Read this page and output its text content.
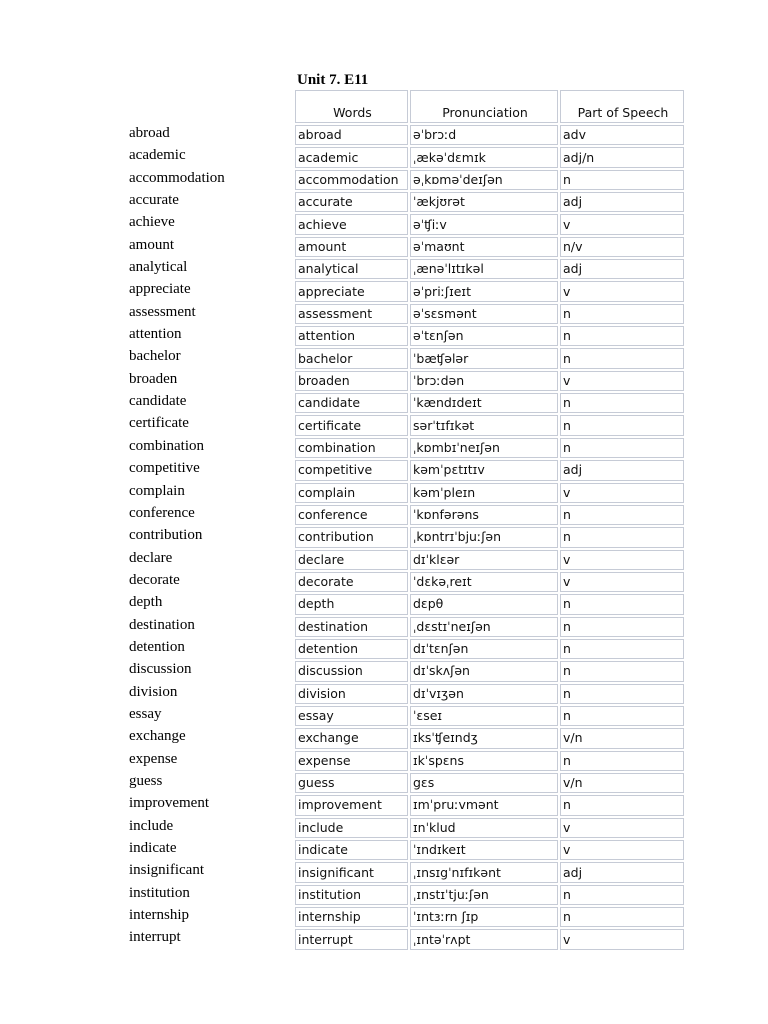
Unit 7. E11
abroad
academic
accommodation
accurate
achieve
amount
analytical
appreciate
assessment
attention
bachelor
broaden
candidate
certificate
combination
competitive
complain
conference
contribution
declare
decorate
depth
destination
detention
discussion
division
essay
exchange
expense
guess
improvement
include
indicate
insignificant
institution
internship
interrupt
Words	Pronunciation	Part of Speech
abroad	əˈbrɔːd	adv
academic	ˌækəˈdɛmɪk	adj/n
accommodation	əˌkɒməˈdeɪʃən	n
accurate	ˈækjʊrət	adj
achieve	əˈʧiːv	v
amount	əˈmaʊnt	n/v
analytical	ˌænəˈlɪtɪkəl	adj
appreciate	əˈpriːʃɪeɪt	v
assessment	əˈsɛsmənt	n
attention	əˈtɛnʃən	n
bachelor	ˈbæʧələr	n
broaden	ˈbrɔːdən	v
candidate	ˈkændɪdeɪt	n
certificate	sərˈtɪfɪkət	n
combination	ˌkɒmbɪˈneɪʃən	n
competitive	kəmˈpɛtɪtɪv	adj
complain	kəmˈpleɪn	v
conference	ˈkɒnfərəns	n
contribution	ˌkɒntrɪˈbjuːʃən	n
declare	dɪˈklɛər	v
decorate	ˈdɛkəˌreɪt	v
depth	dɛpθ	n
destination	ˌdɛstɪˈneɪʃən	n
detention	dɪˈtɛnʃən	n
discussion	dɪˈskʌʃən	n
division	dɪˈvɪʒən	n
essay	ˈɛseɪ	n
exchange	ɪksˈʧeɪndʒ	v/n
expense	ɪkˈspɛns	n
guess	gɛs	v/n
improvement	ɪmˈpruːvmənt	n
include	ɪnˈklud	v
indicate	ˈɪndɪkeɪt	v
insignificant	ˌɪnsɪgˈnɪfɪkənt	adj
institution	ˌɪnstɪˈtjuːʃən	n
internship	ˈɪntɜːrn ʃɪp	n
interrupt	ˌɪntəˈrʌpt	v
